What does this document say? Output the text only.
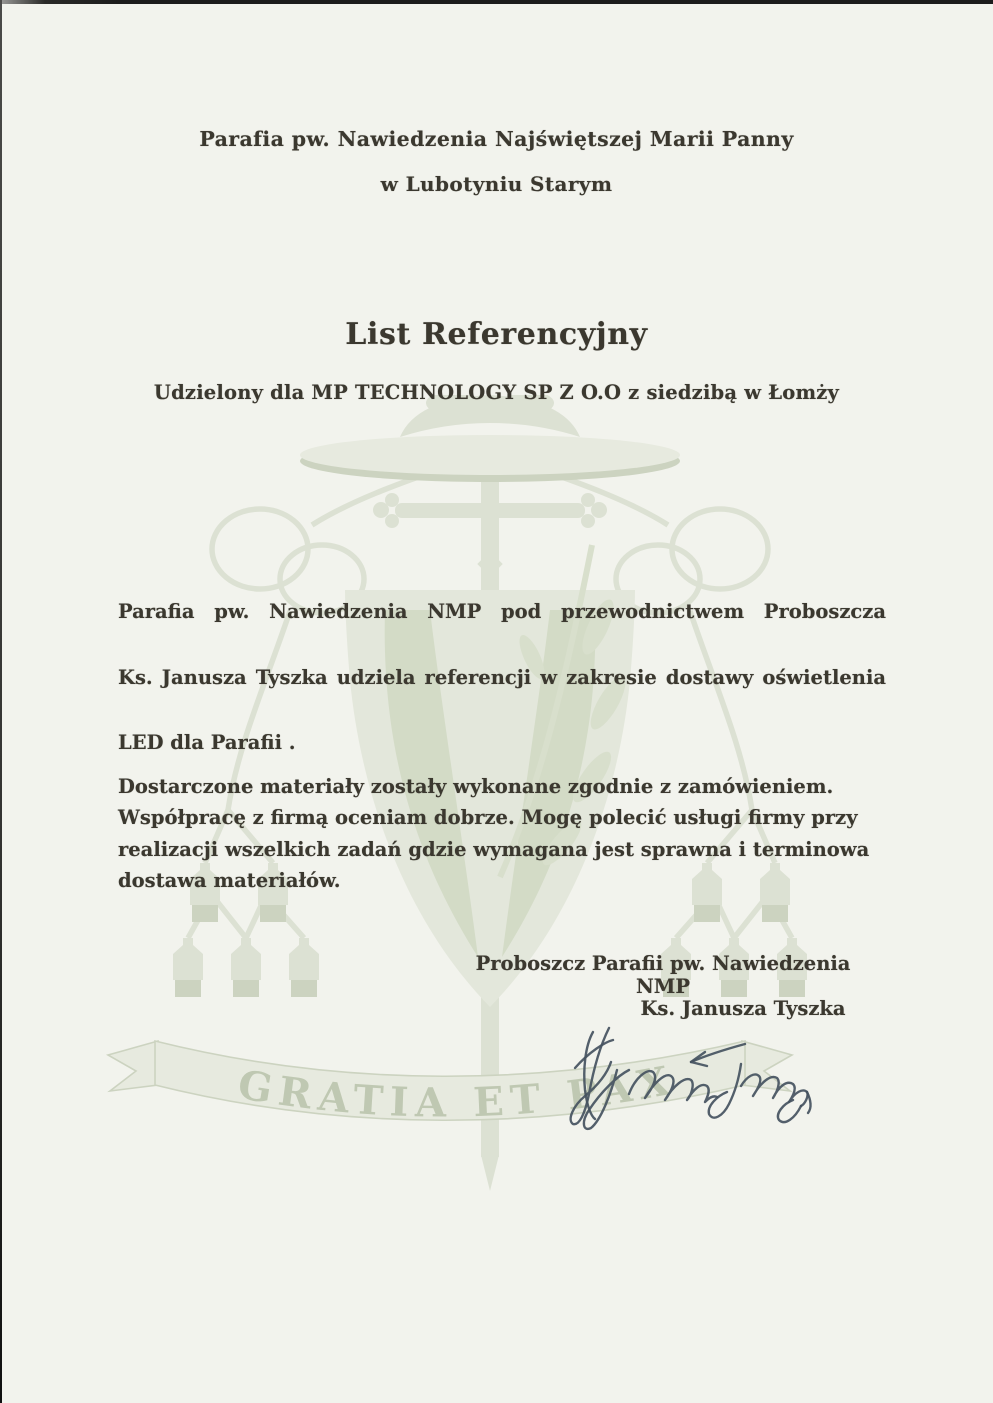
GRATIA ET PAX
Parafia pw. Nawiedzenia Najświętszej Marii Panny
w Lubotyniu Starym
List Referencyjny
Udzielony dla MP TECHNOLOGY SP Z O.O z siedzibą w Łomży
Parafia pw. Nawiedzenia NMP pod przewodnictwem Proboszcza
Ks. Janusza Tyszka udziela referencji w zakresie dostawy oświetlenia
LED dla Parafii .
Dostarczone materiały zostały wykonane zgodnie z zamówieniem.
Współpracę z firmą oceniam dobrze. Mogę polecić usługi firmy przy
realizacji wszelkich zadań gdzie wymagana jest sprawna i terminowa
dostawa materiałów.
Proboszcz Parafii pw. Nawiedzenia NMP
Ks. Janusza Tyszka
